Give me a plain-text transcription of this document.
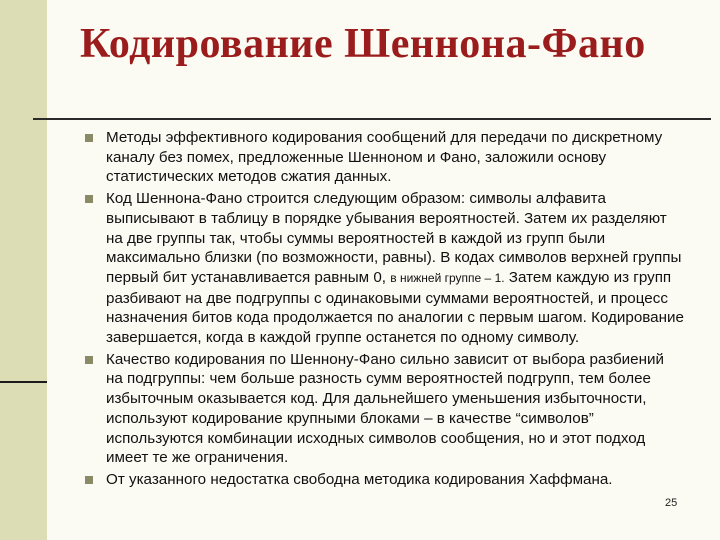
Кодирование Шеннона-Фано
Методы эффективного кодирования сообщений для передачи по дискретному каналу без помех, предложенные Шенноном и Фано, заложили основу статистических методов сжатия данных.
Код Шеннона-Фано строится следующим образом: символы алфавита выписывают в таблицу в порядке убывания вероятностей. Затем их разделяют на две группы так, чтобы суммы вероятностей в каждой из групп были максимально близки (по возможности, равны). В кодах символов верхней группы первый бит устанавливается равным 0, в нижней группе – 1. Затем каждую из групп разбивают на две подгруппы с одинаковыми суммами вероятностей, и процесс назначения битов кода продолжается по аналогии с первым шагом. Кодирование завершается, когда в каждой группе останется по одному символу.
Качество кодирования по Шеннону-Фано сильно зависит от выбора разбиений на подгруппы: чем больше разность сумм вероятностей подгрупп, тем более избыточным оказывается код. Для дальнейшего уменьшения избыточности, используют кодирование крупными блоками – в качестве “символов” используются комбинации исходных символов сообщения, но и этот подход имеет те же ограничения.
От указанного недостатка свободна методика кодирования Хаффмана.
25
